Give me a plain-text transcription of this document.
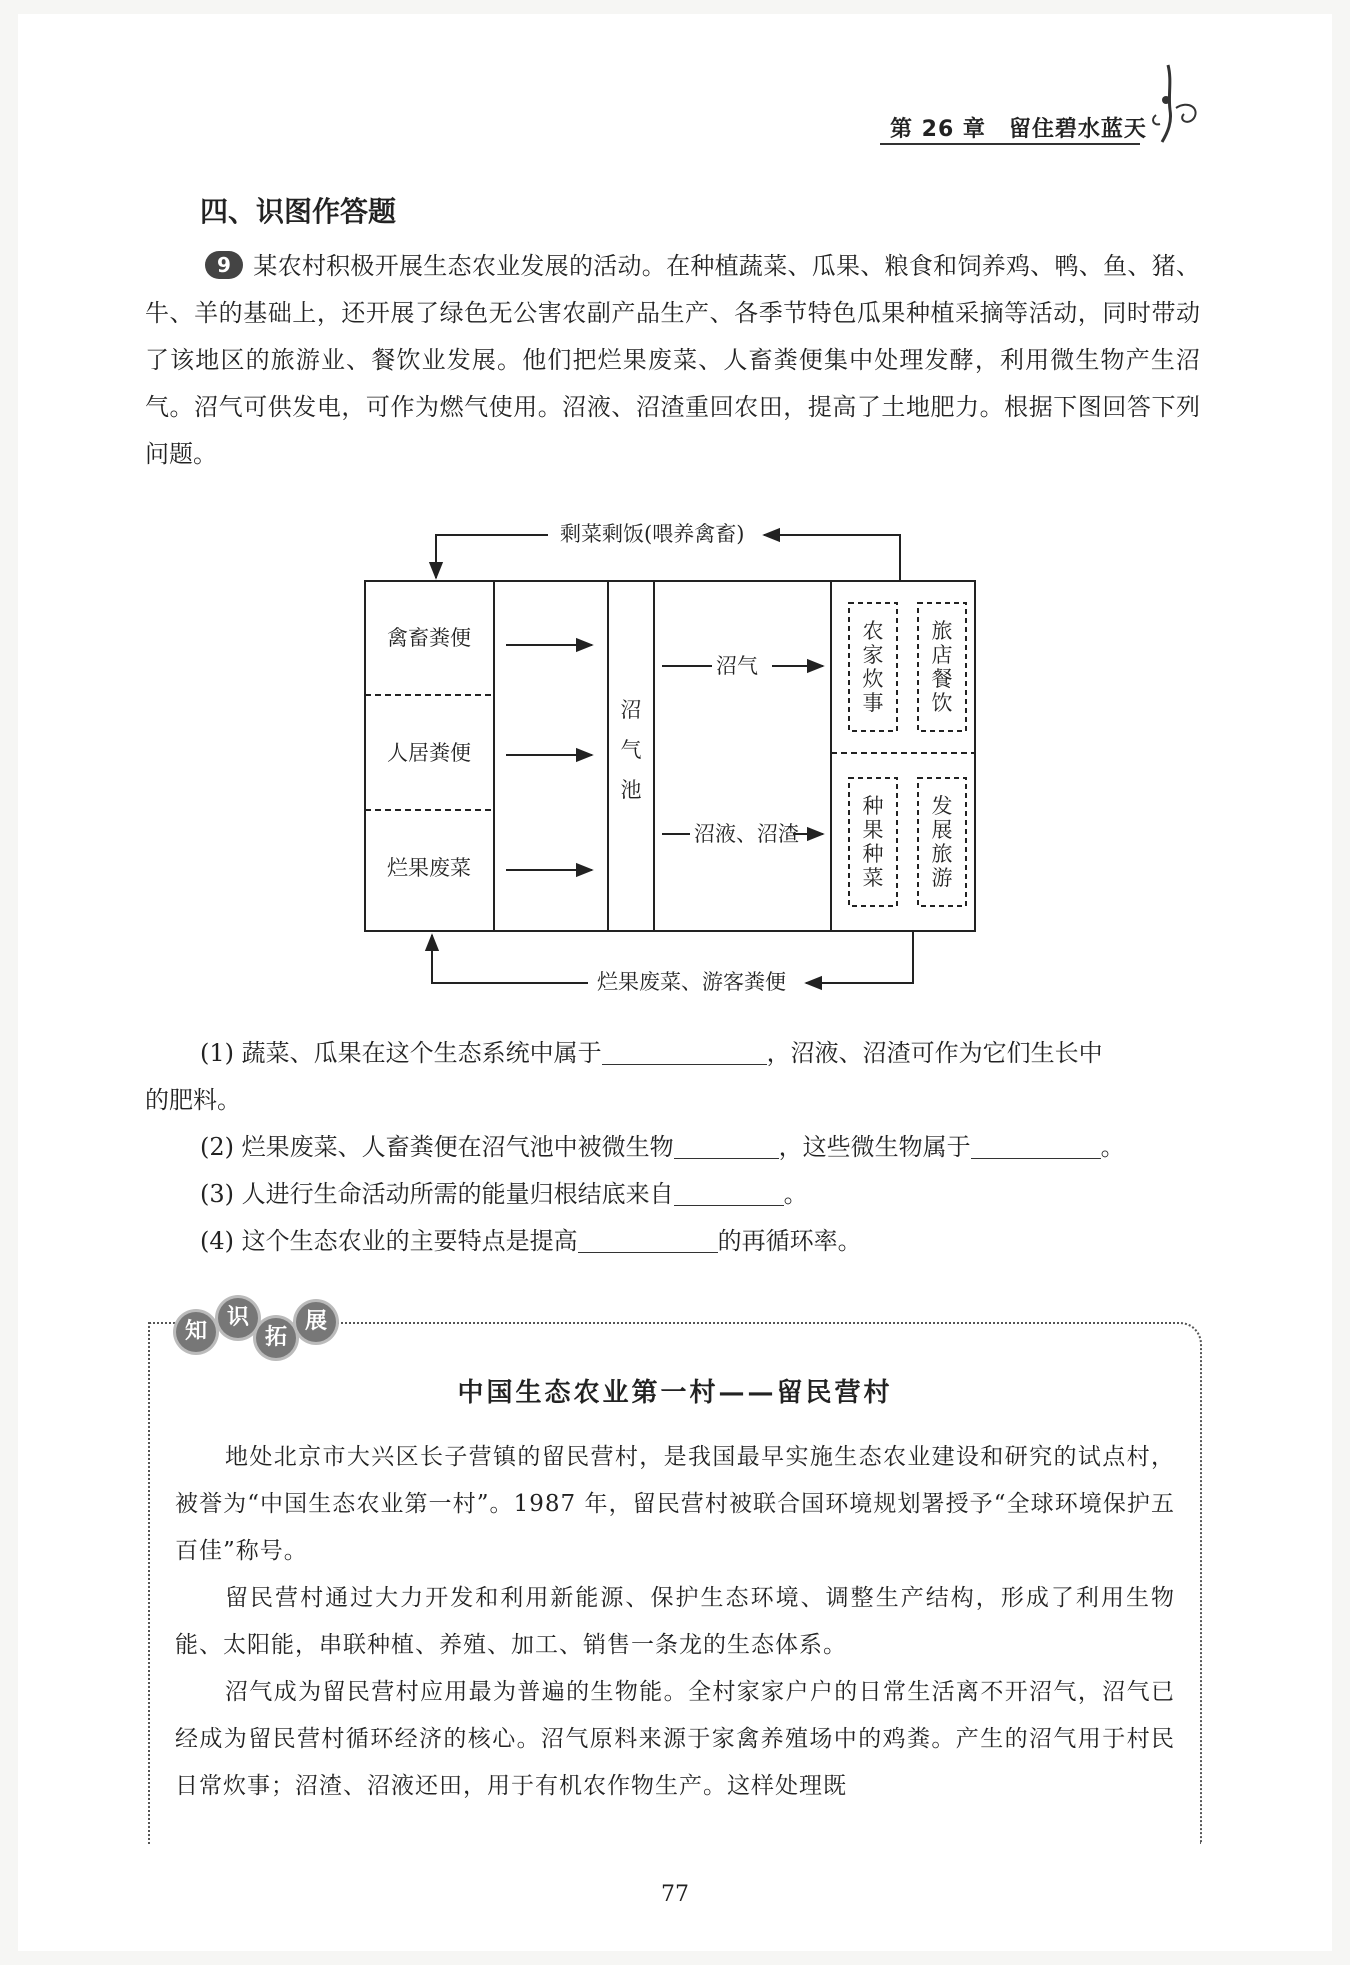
第 26 章　留住碧水蓝天
四、识图作答题
9 某农村积极开展生态农业发展的活动。在种植蔬菜、瓜果、粮食和饲养鸡、鸭、鱼、猪、牛、羊的基础上，还开展了绿色无公害农副产品生产、各季节特色瓜果种植采摘等活动，同时带动了该地区的旅游业、餐饮业发展。他们把烂果废菜、人畜粪便集中处理发酵，利用微生物产生沼气。沼气可供发电，可作为燃气使用。沼液、沼渣重回农田，提高了土地肥力。根据下图回答下列问题。
剩菜剩饭(喂养禽畜)
烂果废菜、游客粪便
禽畜粪便
人居粪便
烂果废菜
沼气池
沼气
沼液、沼渣
农家炊事
旅店餐饮
种果种菜
发展旅游
(1) 蔬菜、瓜果在这个生态系统中属于	，沼液、沼渣可作为它们生长中
的肥料。
(2) 烂果废菜、人畜粪便在沼气池中被微生物	，这些微生物属于	。
(3) 人进行生命活动所需的能量归根结底来自	。
(4) 这个生态农业的主要特点是提高	的再循环率。
知
识
拓
展
中国生态农业第一村——留民营村
地处北京市大兴区长子营镇的留民营村，是我国最早实施生态农业建设和研究的试点村，被誉为“中国生态农业第一村”。1987 年，留民营村被联合国环境规划署授予“全球环境保护五百佳”称号。
留民营村通过大力开发和利用新能源、保护生态环境、调整生产结构，形成了利用生物能、太阳能，串联种植、养殖、加工、销售一条龙的生态体系。
沼气成为留民营村应用最为普遍的生物能。全村家家户户的日常生活离不开沼气，沼气已经成为留民营村循环经济的核心。沼气原料来源于家禽养殖场中的鸡粪。产生的沼气用于村民日常炊事；沼渣、沼液还田，用于有机农作物生产。这样处理既
77
